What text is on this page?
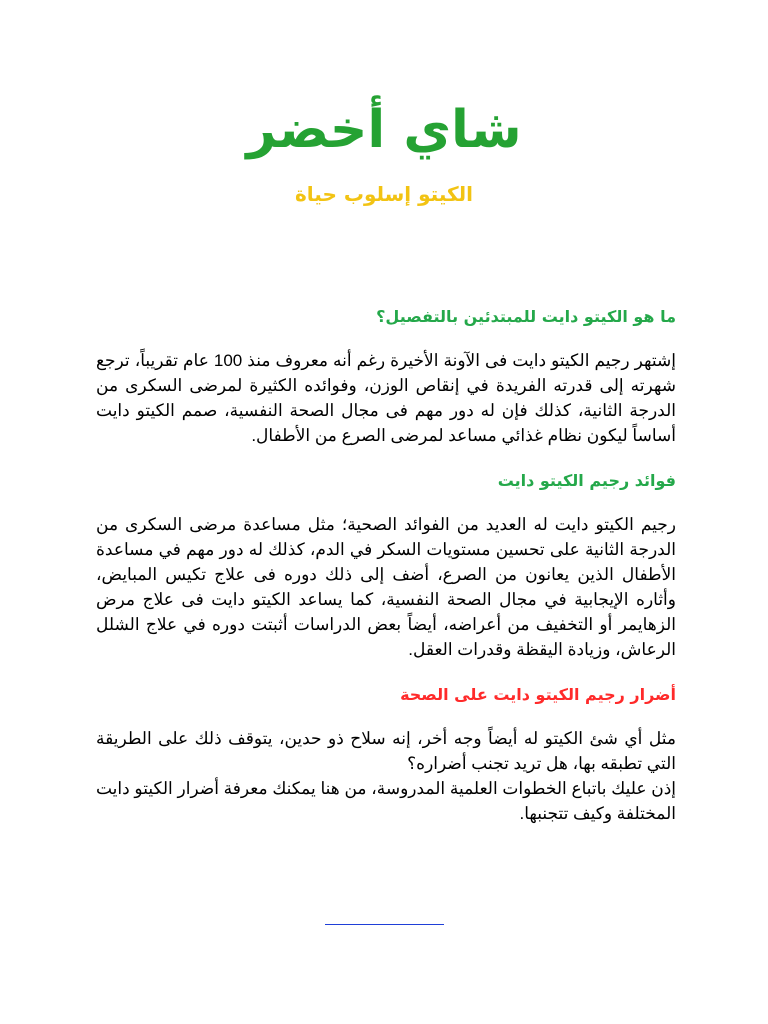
شاي أخضر
الكيتو إسلوب حياة
ما هو الكيتو دايت للمبتدئين بالتفصيل؟

إشتهر رجيم الكيتو دايت فى الآونة الأخيرة رغم أنه معروف منذ 100 عام تقريباً، ترجع شهرته إلى قدرته الفريدة في إنقاص الوزن، وفوائده الكثيرة لمرضى السكرى من الدرجة الثانية، كذلك فإن له دور مهم فى مجال الصحة النفسية، صمم الكيتو دايت أساساً ليكون نظام غذائي مساعد لمرضى الصرع من الأطفال.

فوائد رجيم الكيتو دايت

رجيم الكيتو دايت له العديد من الفوائد الصحية؛ مثل مساعدة مرضى السكرى من الدرجة الثانية على تحسين مستويات السكر في الدم، كذلك له دور مهم في مساعدة الأطفال الذين يعانون من الصرع، أضف إلى ذلك دوره فى علاج تكيس المبايض، وأثاره الإيجابية في مجال الصحة النفسية، كما يساعد الكيتو دايت فى علاج مرض الزهايمر أو التخفيف من أعراضه، أيضاً بعض الدراسات أثبتت دوره في علاج الشلل الرعاش، وزيادة اليقظة وقدرات العقل.

أضرار رجيم الكيتو دايت على الصحة

مثل أي شئ الكيتو له أيضاً وجه أخر، إنه سلاح ذو حدين، يتوقف ذلك على الطريقة التي تطبقه بها، هل تريد تجنب أضراره؟

إذن عليك باتباع الخطوات العلمية المدروسة، من هنا يمكنك معرفة أضرار الكيتو دايت المختلفة وكيف تتجنبها.
